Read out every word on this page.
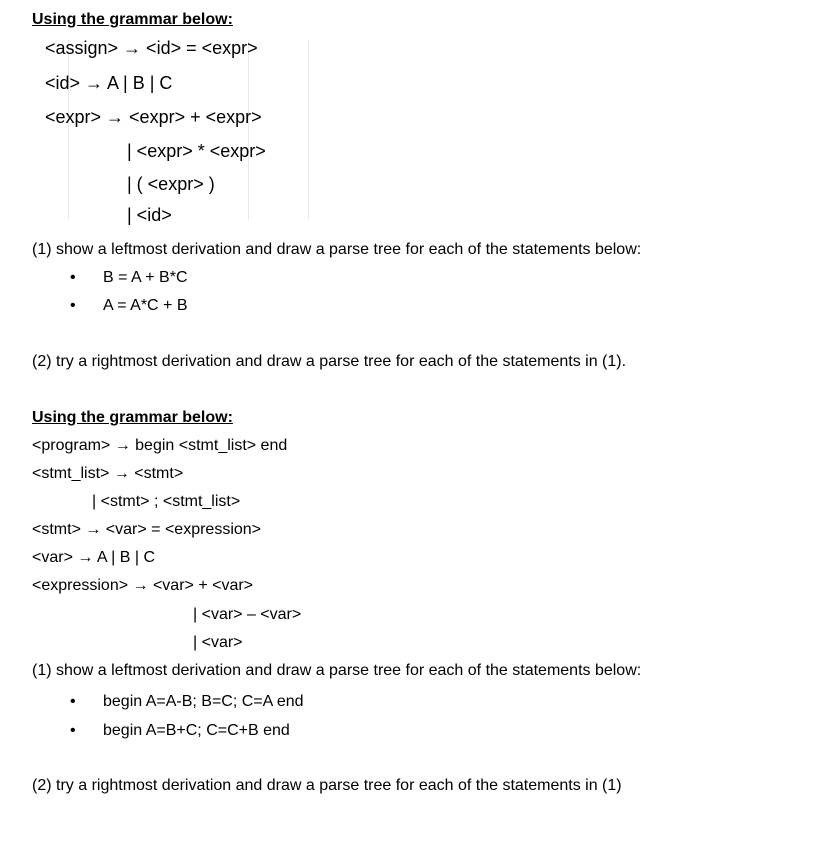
Using the grammar below:
<assign> → <id> = <expr>
<id> → A | B | C
<expr> → <expr> + <expr>
| <expr> * <expr>
| ( <expr> )
| <id>
(1) show a leftmost derivation and draw a parse tree for each of the statements below:
• B = A + B*C
• A = A*C + B
(2) try a rightmost derivation and draw a parse tree for each of the statements in (1).
Using the grammar below:
<program> → begin <stmt_list> end
<stmt_list> → <stmt>
| <stmt> ; <stmt_list>
<stmt> → <var> = <expression>
<var> → A | B | C
<expression> → <var> + <var>
| <var> – <var>
| <var>
(1) show a leftmost derivation and draw a parse tree for each of the statements below:
• begin A=A-B; B=C; C=A end
• begin A=B+C; C=C+B end
(2) try a rightmost derivation and draw a parse tree for each of the statements in (1)
